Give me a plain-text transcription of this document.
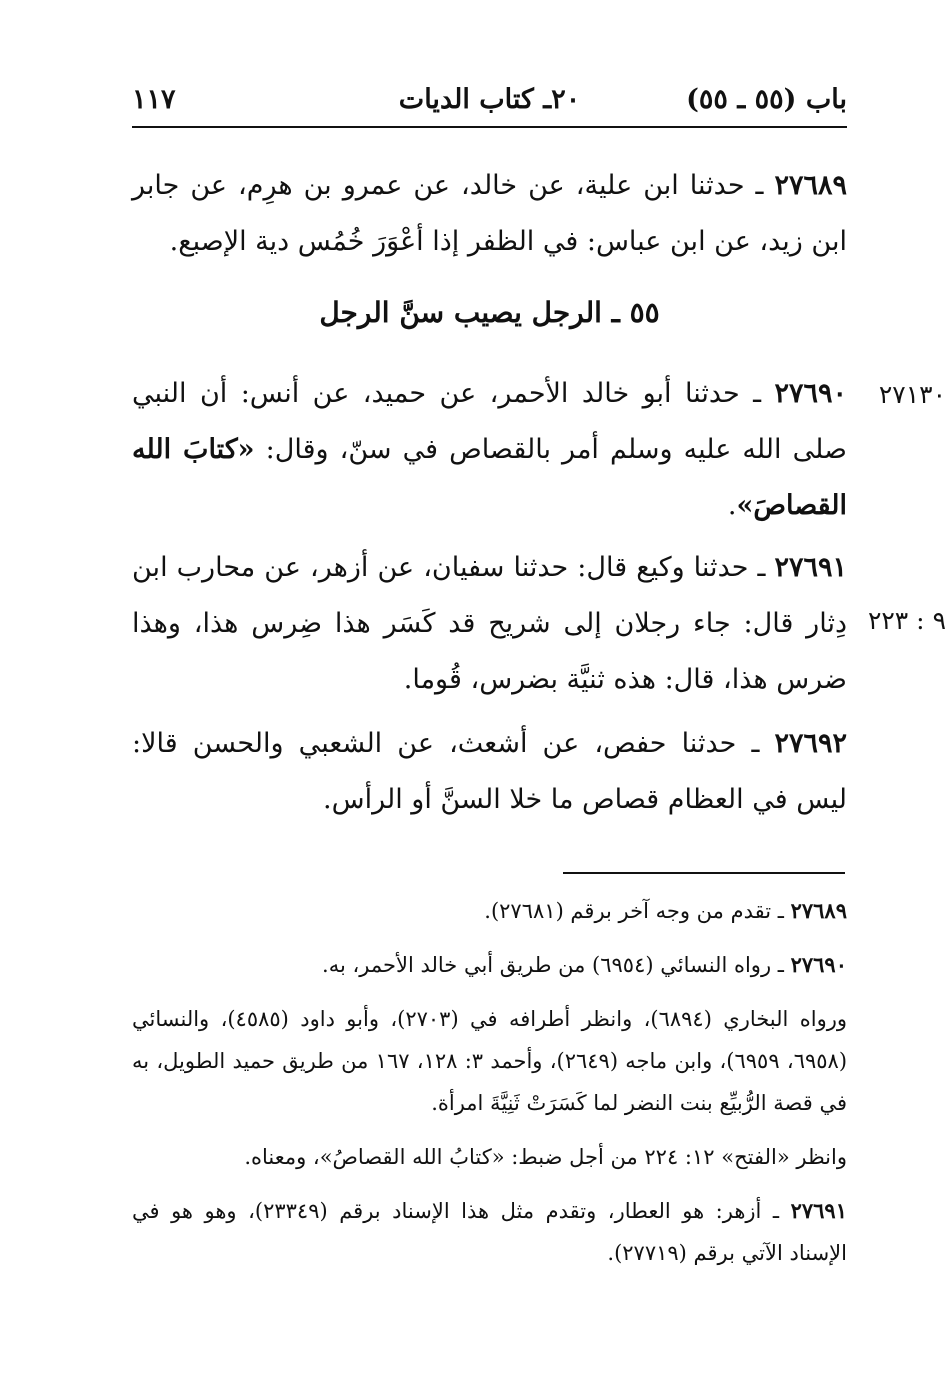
باب (٥٥ ـ ٥٥)
٢٠ـ كتاب الديات
١١٧
٢٧٦٨٩ ـ حدثنا ابن علية، عن خالد، عن عمرو بن هرِم، عن جابر ابن زيد، عن ابن عباس: في الظفر إذا أعْوَرَ خُمُس دية الإصبع.
٥٥ ـ الرجل يصيب سنَّ الرجل
٢٧٦٩٠ ـ حدثنا أبو خالد الأحمر، عن حميد، عن أنس: أن النبي صلى الله عليه وسلم أمر بالقصاص في سنّ، وقال: «كتابَ الله القصاصَ».
٢٧١٣٠
٢٧٦٩١ ـ حدثنا وكيع قال: حدثنا سفيان، عن أزهر، عن محارب ابن دِثار قال: جاء رجلان إلى شريح قد كَسَر هذا ضِرس هذا، وهذا ضرس هذا، قال: هذه ثنيَّة بضرس، قُوما.
٩ : ٢٢٣
٢٧٦٩٢ ـ حدثنا حفص، عن أشعث، عن الشعبي والحسن قالا: ليس في العظام قصاص ما خلا السنَّ أو الرأس.
٢٧٦٨٩ ـ تقدم من وجه آخر برقم (٢٧٦٨١).
٢٧٦٩٠ ـ رواه النسائي (٦٩٥٤) من طريق أبي خالد الأحمر، به.
ورواه البخاري (٦٨٩٤)، وانظر أطرافه في (٢٧٠٣)، وأبو داود (٤٥٨٥)، والنسائي (٦٩٥٨، ٦٩٥٩)، وابن ماجه (٢٦٤٩)، وأحمد ٣: ١٢٨، ١٦٧ من طريق حميد الطويل، به في قصة الرُّبيِّع بنت النضر لما كَسَرَتْ ثَنِيَّةَ امرأة.
وانظر «الفتح» ١٢: ٢٢٤ من أجل ضبط: «كتابُ الله القصاصُ»، ومعناه.
٢٧٦٩١ ـ أزهر: هو العطار، وتقدم مثل هذا الإسناد برقم (٢٣٣٤٩)، وهو هو في الإسناد الآتي برقم (٢٧٧١٩).
